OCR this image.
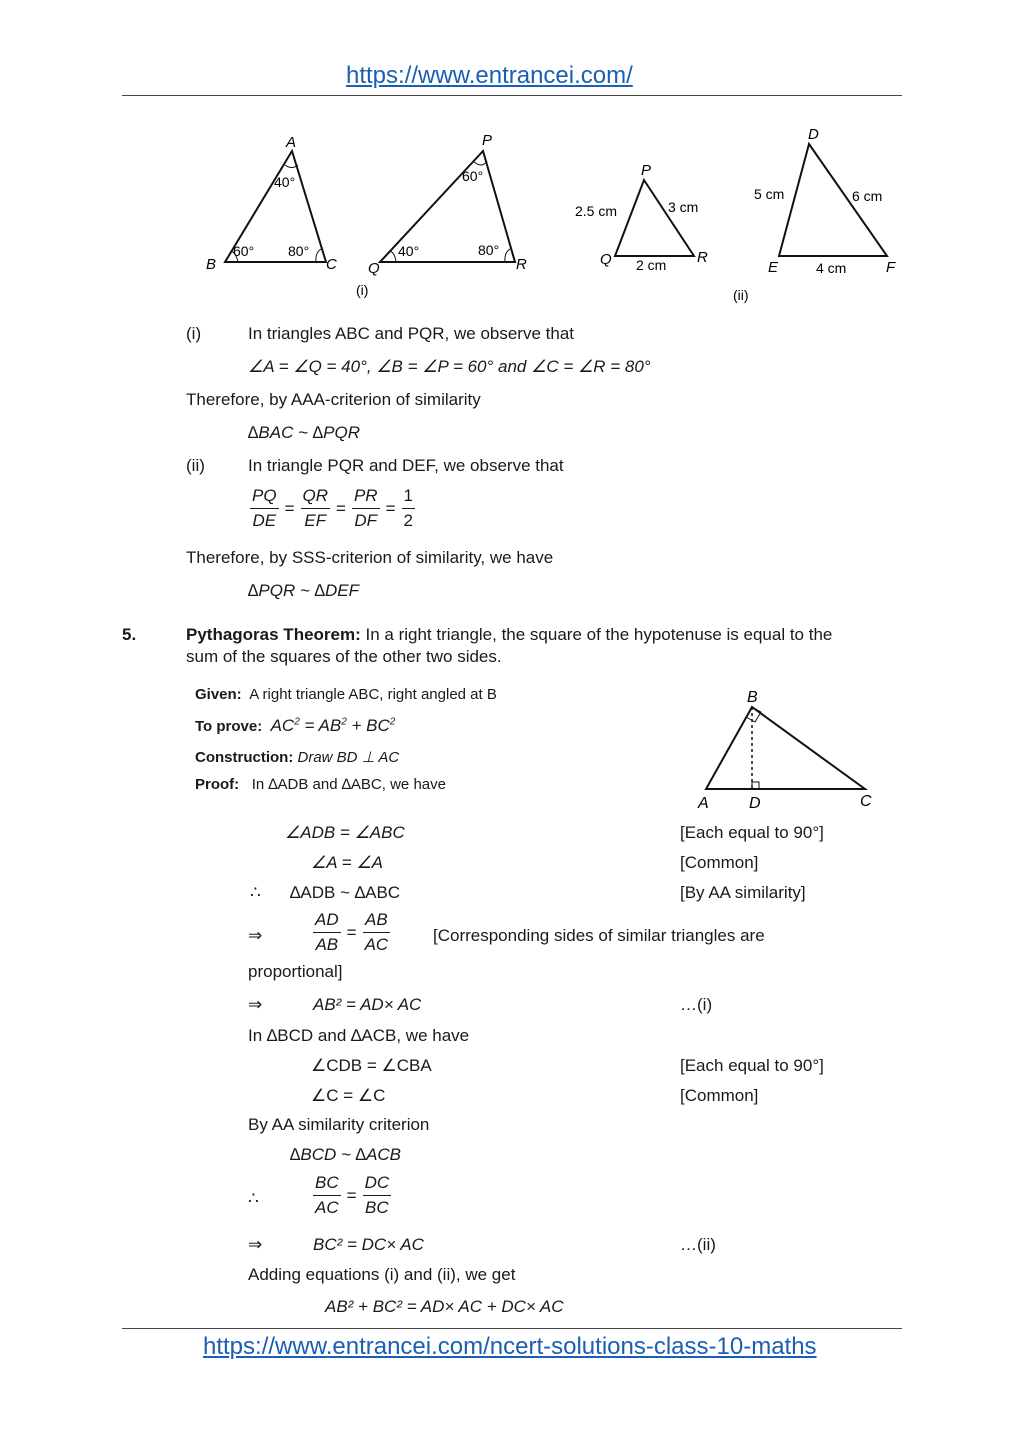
https://www.entrancei.com/
A
B	C
40°
60° 80°
P
Q	R
60°
40°	80°
(i)
P
Q	R
2.5 cm	3 cm
2 cm
D
E	F
5 cm	6 cm
4 cm
(ii)
(i)	In triangles ABC and PQR, we observe that
∠A = ∠Q = 40°, ∠B = ∠P = 60° and ∠C = ∠R = 80°
Therefore, by AAA-criterion of similarity
∆BAC ~ ∆PQR
(ii)	In triangle PQR and DEF, we observe that
$\frac{PQ}{DE} = \frac{QR}{EF} = \frac{PR}{DF} = \frac{1}{2}$
Therefore, by SSS-criterion of similarity, we have
∆PQR ~ ∆DEF
5.	Pythagoras Theorem: In a right triangle, the square of the hypotenuse is equal to the
sum of the squares of the other two sides.
Given: A right triangle ABC, right angled at B
To prove: $AC^2 = AB^2 + BC^2$
Construction: Draw BD ⊥ AC
Proof: In ∆ADB and ∆ABC, we have
B
A	D	C
∠ADB = ∠ABC	[Each equal to 90°]
∠A = ∠A	[Common]
∴ ∆ADB ~ ∆ABC	[By AA similarity]
⇒	$\frac{AD}{AB} = \frac{AB}{AC}$	[Corresponding sides of similar triangles are
proportional]
⇒	AB² = AD× AC	…(i)
In ∆BCD and ∆ACB, we have
∠CDB = ∠CBA	[Each equal to 90°]
∠C = ∠C	[Common]
By AA similarity criterion
∆BCD ~ ∆ACB
∴	$\frac{BC}{AC} = \frac{DC}{BC}$
⇒	BC² = DC× AC	…(ii)
Adding equations (i) and (ii), we get
AB² + BC² = AD× AC + DC× AC
https://www.entrancei.com/ncert-solutions-class-10-maths
